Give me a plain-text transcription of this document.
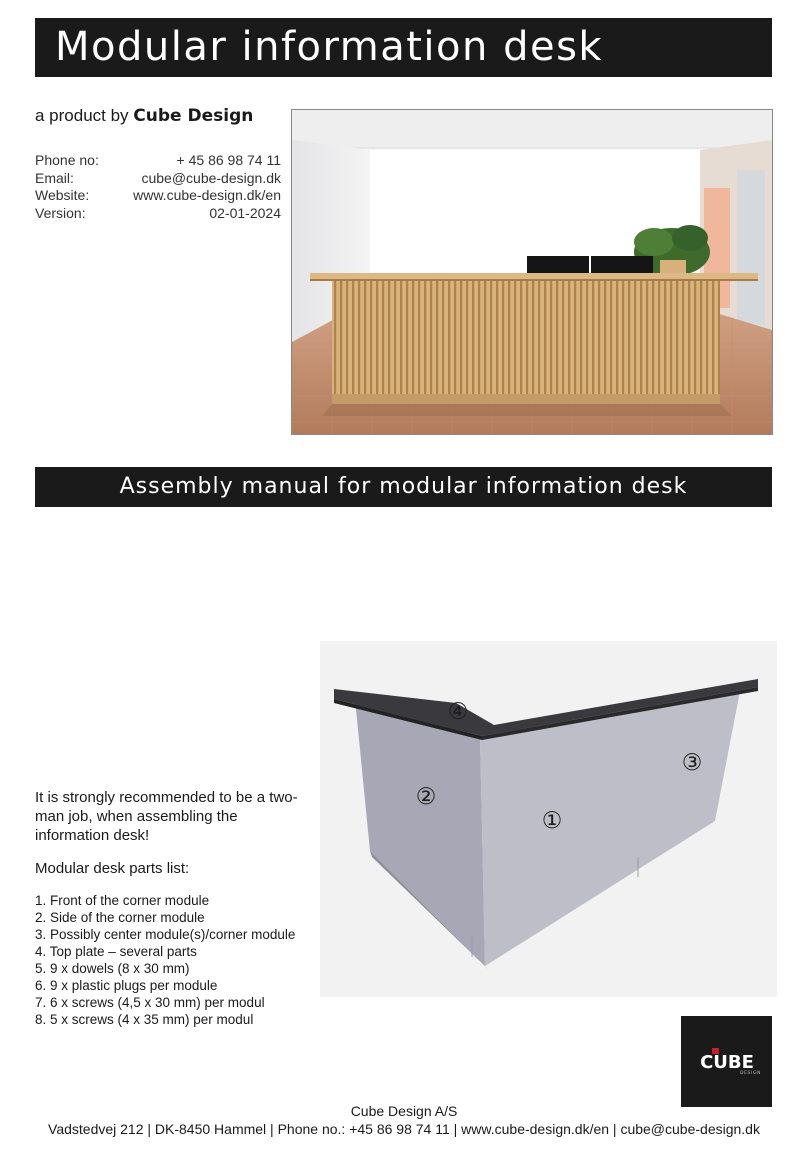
Modular information desk
a product by Cube Design
Phone no:	+ 45 86 98 74 11
Email:	cube@cube-design.dk
Website:	www.cube-design.dk/en
Version:	02-01-2024
Assembly manual for modular information desk
①
②
③
④

It is strongly recommended to be a two-man job, when assembling the information desk!

Modular desk parts list:

1. Front of the corner module
2. Side of the corner module
3. Possibly center module(s)/corner module
4. Top plate – several parts
5. 9 x dowels (8 x 30 mm)
6. 9 x plastic plugs per module
7. 6 x screws (4,5 x 30 mm) per modul
8. 5 x screws (4 x 35 mm) per modul
CUBE
DESIGN
Cube Design A/S
Vadstedvej 212 | DK-8450 Hammel | Phone no.: +45 86 98 74 11 | www.cube-design.dk/en | cube@cube-design.dk
